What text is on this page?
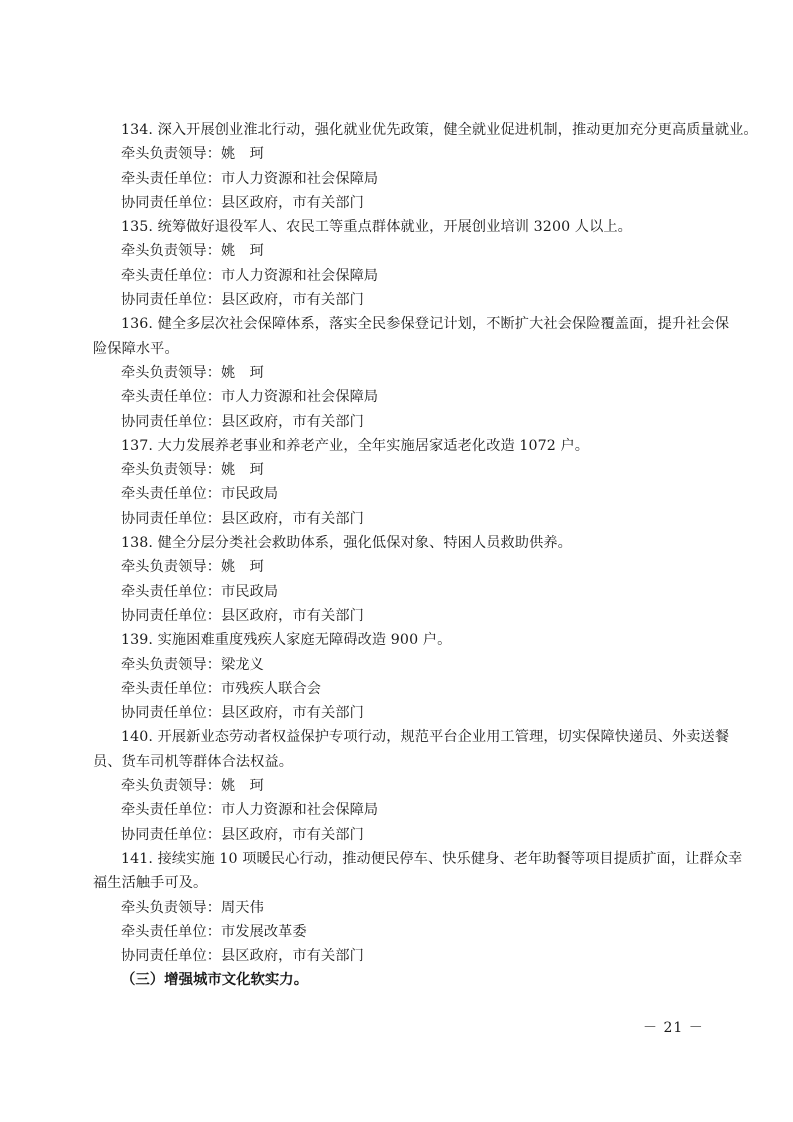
134. 深入开展创业淮北行动，强化就业优先政策，健全就业促进机制，推动更加充分更高质量就业。
牵头负责领导：姚　珂
牵头责任单位：市人力资源和社会保障局
协同责任单位：县区政府，市有关部门
135. 统筹做好退役军人、农民工等重点群体就业，开展创业培训 3200 人以上。
牵头负责领导：姚　珂
牵头责任单位：市人力资源和社会保障局
协同责任单位：县区政府，市有关部门
136. 健全多层次社会保障体系，落实全民参保登记计划，不断扩大社会保险覆盖面，提升社会保
险保障水平。
牵头负责领导：姚　珂
牵头责任单位：市人力资源和社会保障局
协同责任单位：县区政府，市有关部门
137. 大力发展养老事业和养老产业，全年实施居家适老化改造 1072 户。
牵头负责领导：姚　珂
牵头责任单位：市民政局
协同责任单位：县区政府，市有关部门
138. 健全分层分类社会救助体系，强化低保对象、特困人员救助供养。
牵头负责领导：姚　珂
牵头责任单位：市民政局
协同责任单位：县区政府，市有关部门
139. 实施困难重度残疾人家庭无障碍改造 900 户。
牵头负责领导：梁龙义
牵头责任单位：市残疾人联合会
协同责任单位：县区政府，市有关部门
140. 开展新业态劳动者权益保护专项行动，规范平台企业用工管理，切实保障快递员、外卖送餐
员、货车司机等群体合法权益。
牵头负责领导：姚　珂
牵头责任单位：市人力资源和社会保障局
协同责任单位：县区政府，市有关部门
141. 接续实施 10 项暖民心行动，推动便民停车、快乐健身、老年助餐等项目提质扩面，让群众幸
福生活触手可及。
牵头负责领导：周天伟
牵头责任单位：市发展改革委
协同责任单位：县区政府，市有关部门
（三）增强城市文化软实力。
－ 21 －
